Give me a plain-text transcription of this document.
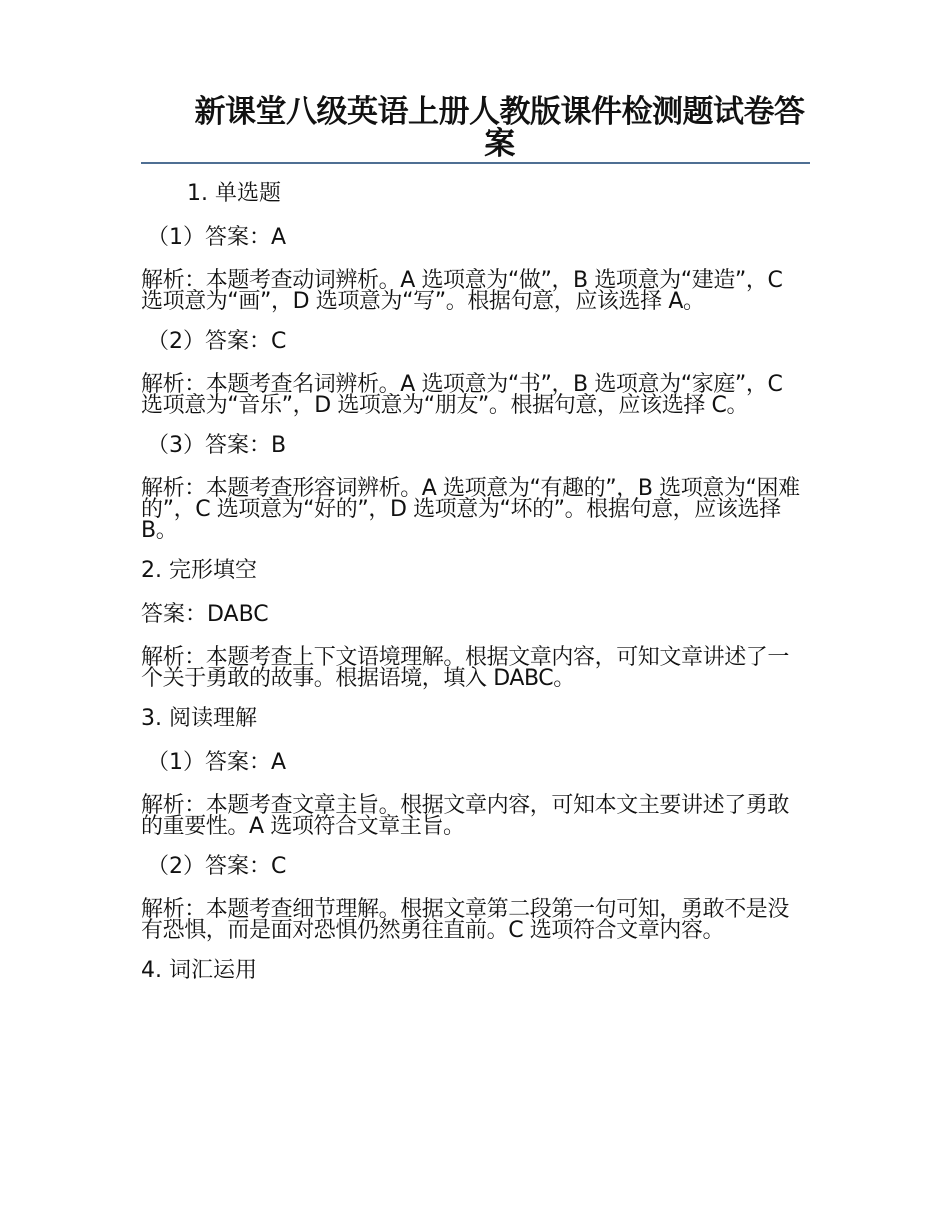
新课堂八级英语上册人教版课件检测题试卷答案
1. 单选题
（1）答案：A
解析：本题考查动词辨析。A 选项意为“做”，B 选项意为“建造”，C 选项意为“画”，D 选项意为“写”。根据句意，应该选择 A。
（2）答案：C
解析：本题考查名词辨析。A 选项意为“书”，B 选项意为“家庭”，C 选项意为“音乐”，D 选项意为“朋友”。根据句意，应该选择 C。
（3）答案：B
解析：本题考查形容词辨析。A 选项意为“有趣的”，B 选项意为“困难的”，C 选项意为“好的”，D 选项意为“坏的”。根据句意，应该选择 B。
2. 完形填空
答案：DABC
解析：本题考查上下文语境理解。根据文章内容，可知文章讲述了一个关于勇敢的故事。根据语境，填入 DABC。
3. 阅读理解
（1）答案：A
解析：本题考查文章主旨。根据文章内容，可知本文主要讲述了勇敢的重要性。A 选项符合文章主旨。
（2）答案：C
解析：本题考查细节理解。根据文章第二段第一句可知，勇敢不是没有恐惧，而是面对恐惧仍然勇往直前。C 选项符合文章内容。
4. 词汇运用
